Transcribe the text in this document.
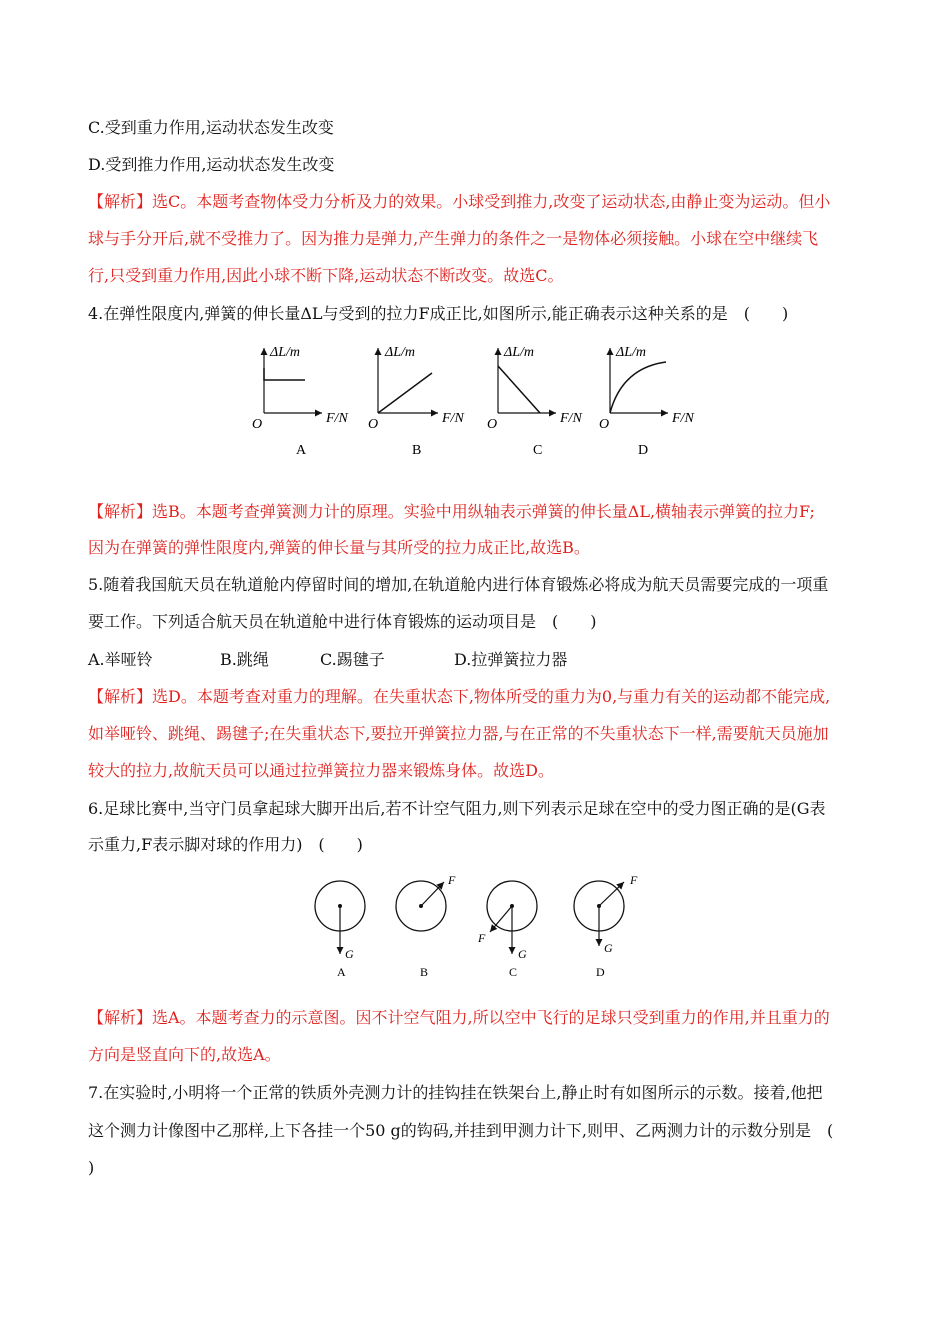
C.受到重力作用,运动状态发生改变
D.受到推力作用,运动状态发生改变
【解析】选C。本题考查物体受力分析及力的效果。小球受到推力,改变了运动状态,由静止变为运动。但小
球与手分开后,就不受推力了。因为推力是弹力,产生弹力的条件之一是物体必须接触。小球在空中继续飞
行,只受到重力作用,因此小球不断下降,运动状态不断改变。故选C。
4.在弹性限度内,弹簧的伸长量ΔL与受到的拉力F成正比,如图所示,能正确表示这种关系的是　(　　)
ΔL/m
F/N
O
A
ΔL/m
F/N
O
B
ΔL/m
F/N
O
C
ΔL/m
F/N
O
D
【解析】选B。本题考查弹簧测力计的原理。实验中用纵轴表示弹簧的伸长量ΔL,横轴表示弹簧的拉力F;
因为在弹簧的弹性限度内,弹簧的伸长量与其所受的拉力成正比,故选B。
5.随着我国航天员在轨道舱内停留时间的增加,在轨道舱内进行体育锻炼必将成为航天员需要完成的一项重
要工作。下列适合航天员在轨道舱中进行体育锻炼的运动项目是　(　　)
A.举哑铃	B.跳绳	C.踢毽子	D.拉弹簧拉力器
【解析】选D。本题考查对重力的理解。在失重状态下,物体所受的重力为0,与重力有关的运动都不能完成,
如举哑铃、跳绳、踢毽子;在失重状态下,要拉开弹簧拉力器,与在正常的不失重状态下一样,需要航天员施加
较大的拉力,故航天员可以通过拉弹簧拉力器来锻炼身体。故选D。
6.足球比赛中,当守门员拿起球大脚开出后,若不计空气阻力,则下列表示足球在空中的受力图正确的是(G表
示重力,F表示脚对球的作用力)　(　　)
G
A
F
B
F
G
C
F
G
D
【解析】选A。本题考查力的示意图。因不计空气阻力,所以空中飞行的足球只受到重力的作用,并且重力的
方向是竖直向下的,故选A。
7.在实验时,小明将一个正常的铁质外壳测力计的挂钩挂在铁架台上,静止时有如图所示的示数。接着,他把
这个测力计像图中乙那样,上下各挂一个50 g的钩码,并挂到甲测力计下,则甲、乙两测力计的示数分别是　(
)
